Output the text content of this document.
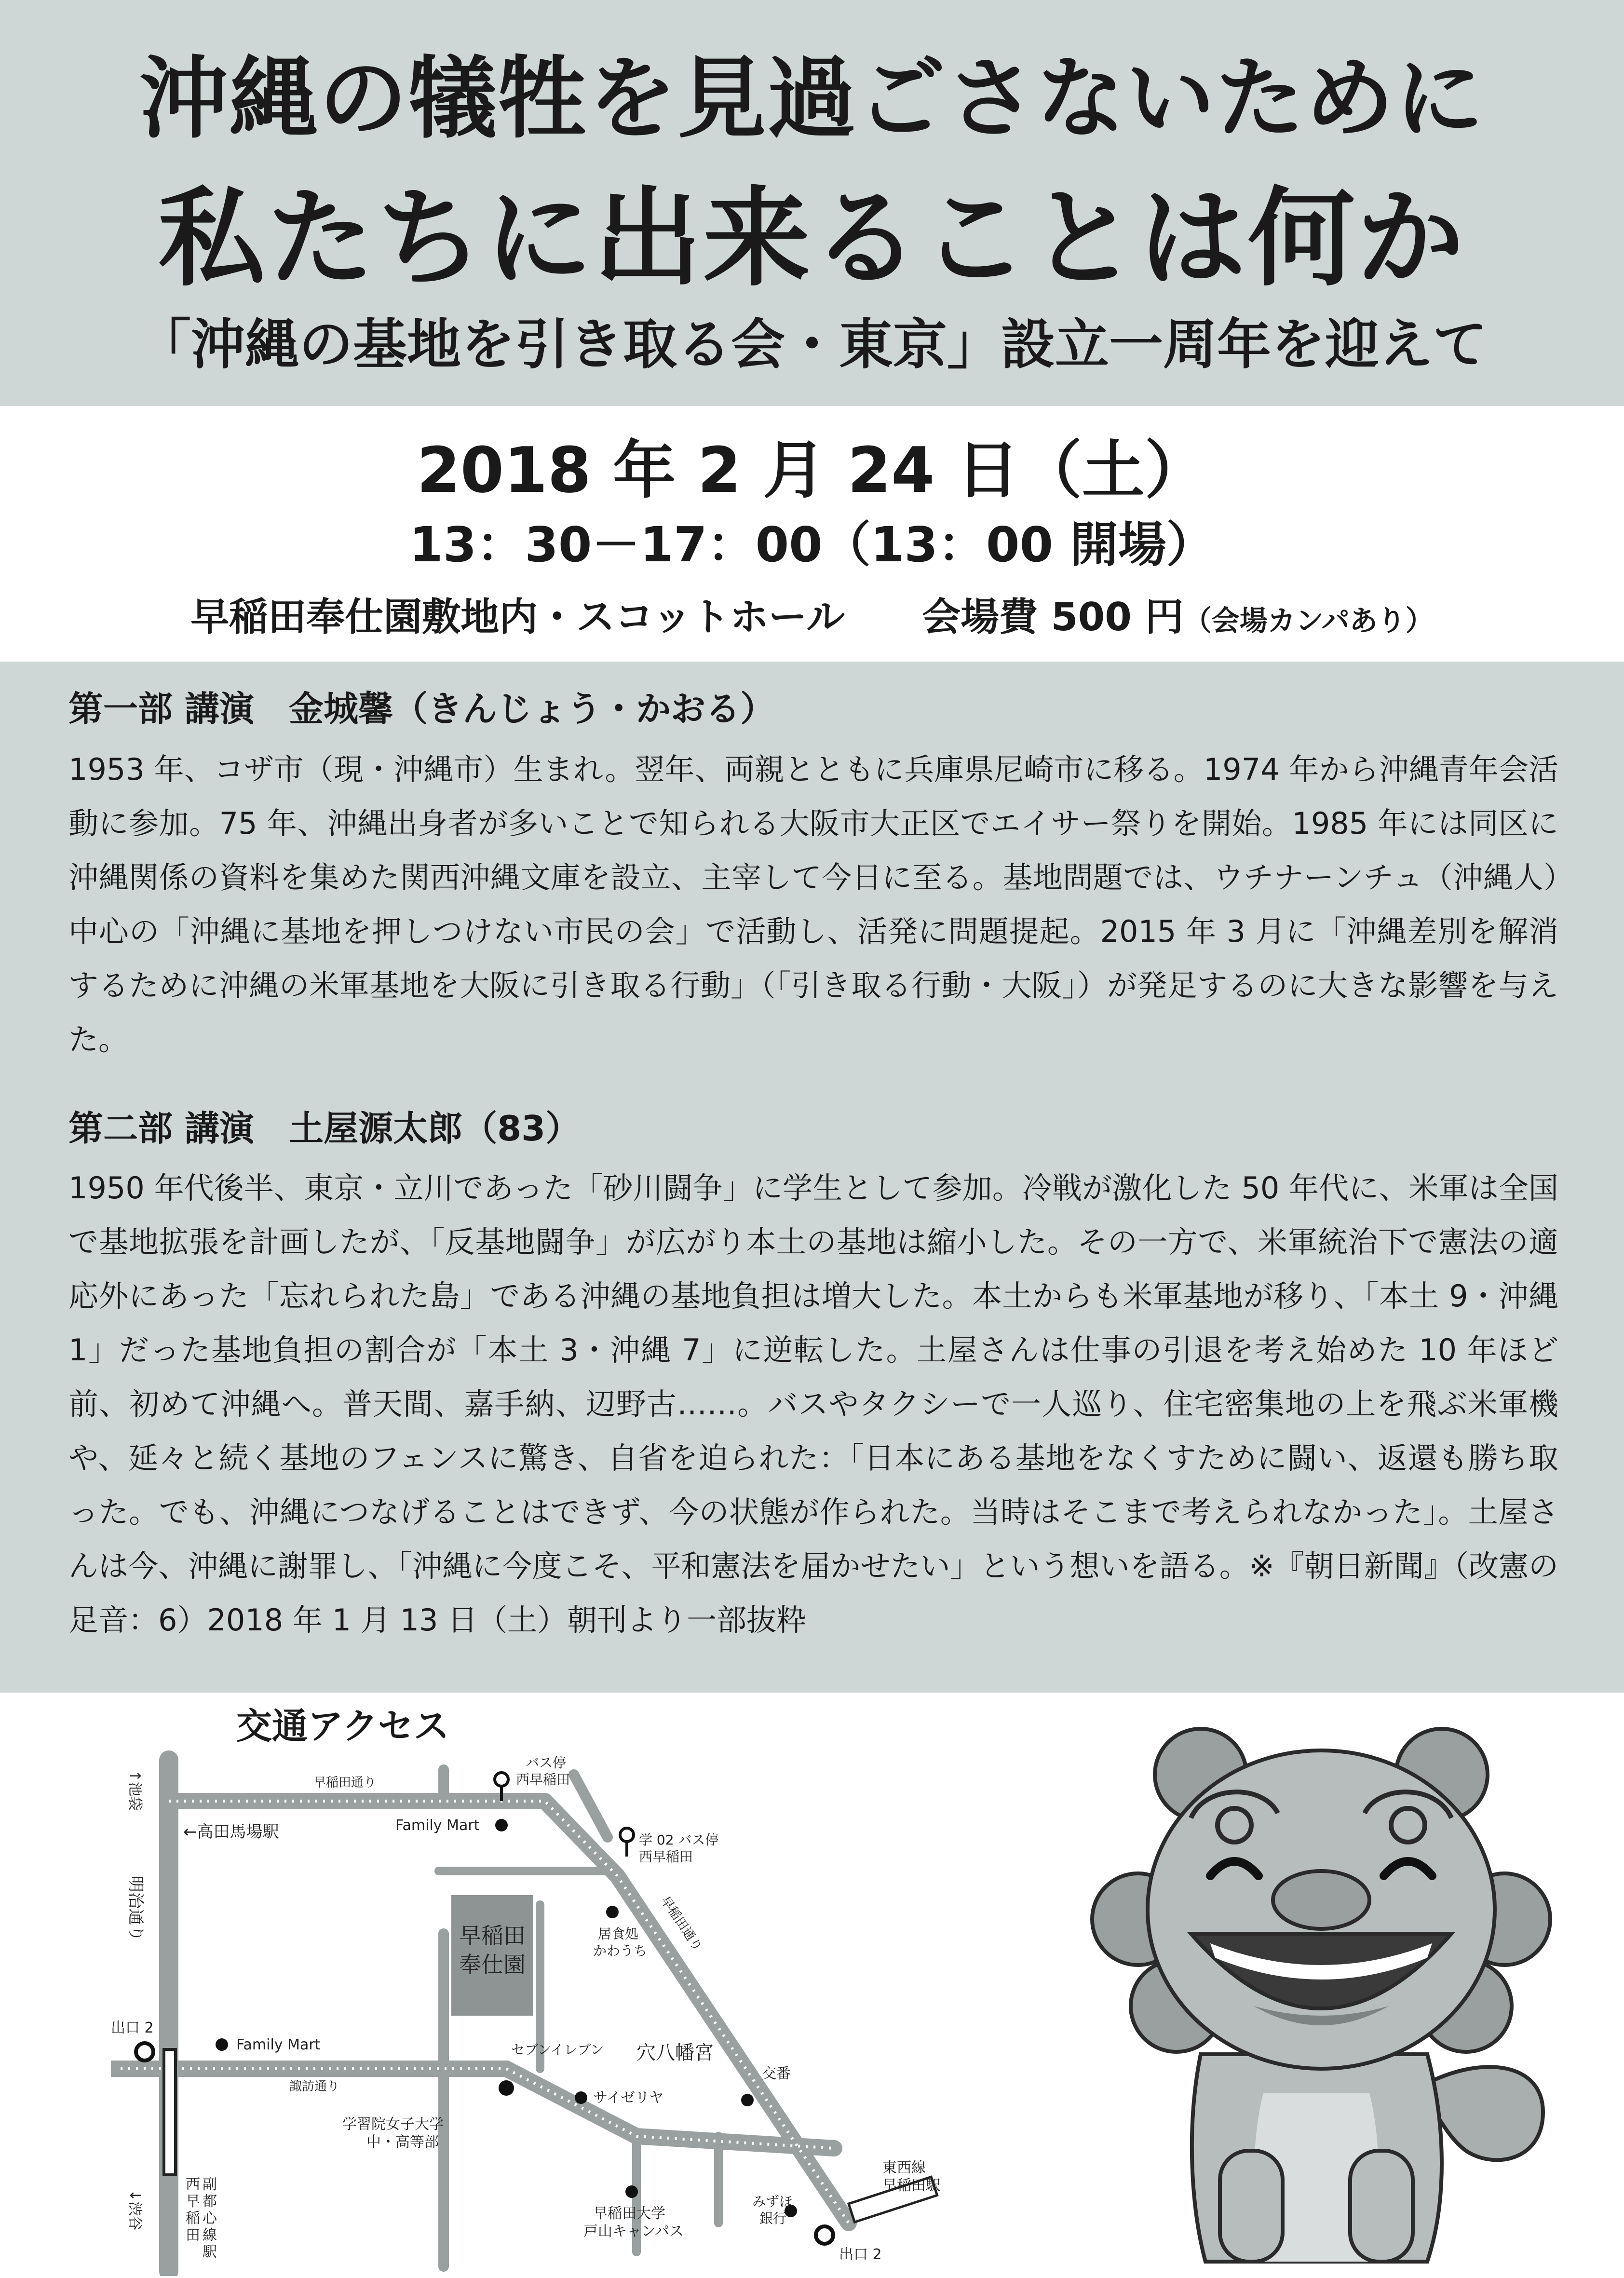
沖縄の犠牲を見過ごさないために
私たちに出来ることは何か
「沖縄の基地を引き取る会・東京」設立一周年を迎えて
2018 年 2 月 24 日（土）
13：30－17：00（13：00 開場）
早稲田奉仕園敷地内・スコットホール　　 会場費 500 円（会場カンパあり）
第一部 講演　金城馨（きんじょう・かおる）
1953 年、コザ市（現・沖縄市）生まれ。翌年、両親とともに兵庫県尼崎市に移る。1974 年から沖縄青年会活動に参加。75 年、沖縄出身者が多いことで知られる大阪市大正区でエイサー祭りを開始。1985 年には同区に沖縄関係の資料を集めた関西沖縄文庫を設立、主宰して今日に至る。基地問題では、ウチナーンチュ（沖縄人）中心の「沖縄に基地を押しつけない市民の会」で活動し、活発に問題提起。2015 年 3 月に「沖縄差別を解消するために沖縄の米軍基地を大阪に引き取る行動」（「引き取る行動・大阪」）が発足するのに大きな影響を与えた。
第二部 講演　土屋源太郎（83）
1950 年代後半、東京・立川であった「砂川闘争」に学生として参加。冷戦が激化した 50 年代に、米軍は全国で基地拡張を計画したが、「反基地闘争」が広がり本土の基地は縮小した。その一方で、米軍統治下で憲法の適応外にあった「忘れられた島」である沖縄の基地負担は増大した。本土からも米軍基地が移り、「本土 9・沖縄 1」だった基地負担の割合が「本土 3・沖縄 7」に逆転した。土屋さんは仕事の引退を考え始めた 10 年ほど前、初めて沖縄へ。普天間、嘉手納、辺野古……。バスやタクシーで一人巡り、住宅密集地の上を飛ぶ米軍機や、延々と続く基地のフェンスに驚き、自省を迫られた：「日本にある基地をなくすために闘い、返還も勝ち取った。でも、沖縄につなげることはできず、今の状態が作られた。当時はそこまで考えられなかった」。土屋さんは今、沖縄に謝罪し、「沖縄に今度こそ、平和憲法を届かせたい」という想いを語る。※『朝日新聞』（改憲の足音：6）2018 年 1 月 13 日（土）朝刊より一部抜粋
交通アクセス
早稲田
奉仕園
↑池袋
↓渋谷
明治通り
早稲田通り
早稲田通り
諏訪通り
←高田馬場駅
バス停
西早稲田
学 02 バス停
西早稲田
Family Mart
居食処
かわうち
Family Mart	セブンイレブン 穴八幡宮
交番
サイゼリヤ
学習院女子大学
中・高等部
早稲田大学
戸山キャンパス
みずほ
銀行
東西線
早稲田駅
出口 2
出口 2
西
早
稲
田
副
都
心
線
駅
